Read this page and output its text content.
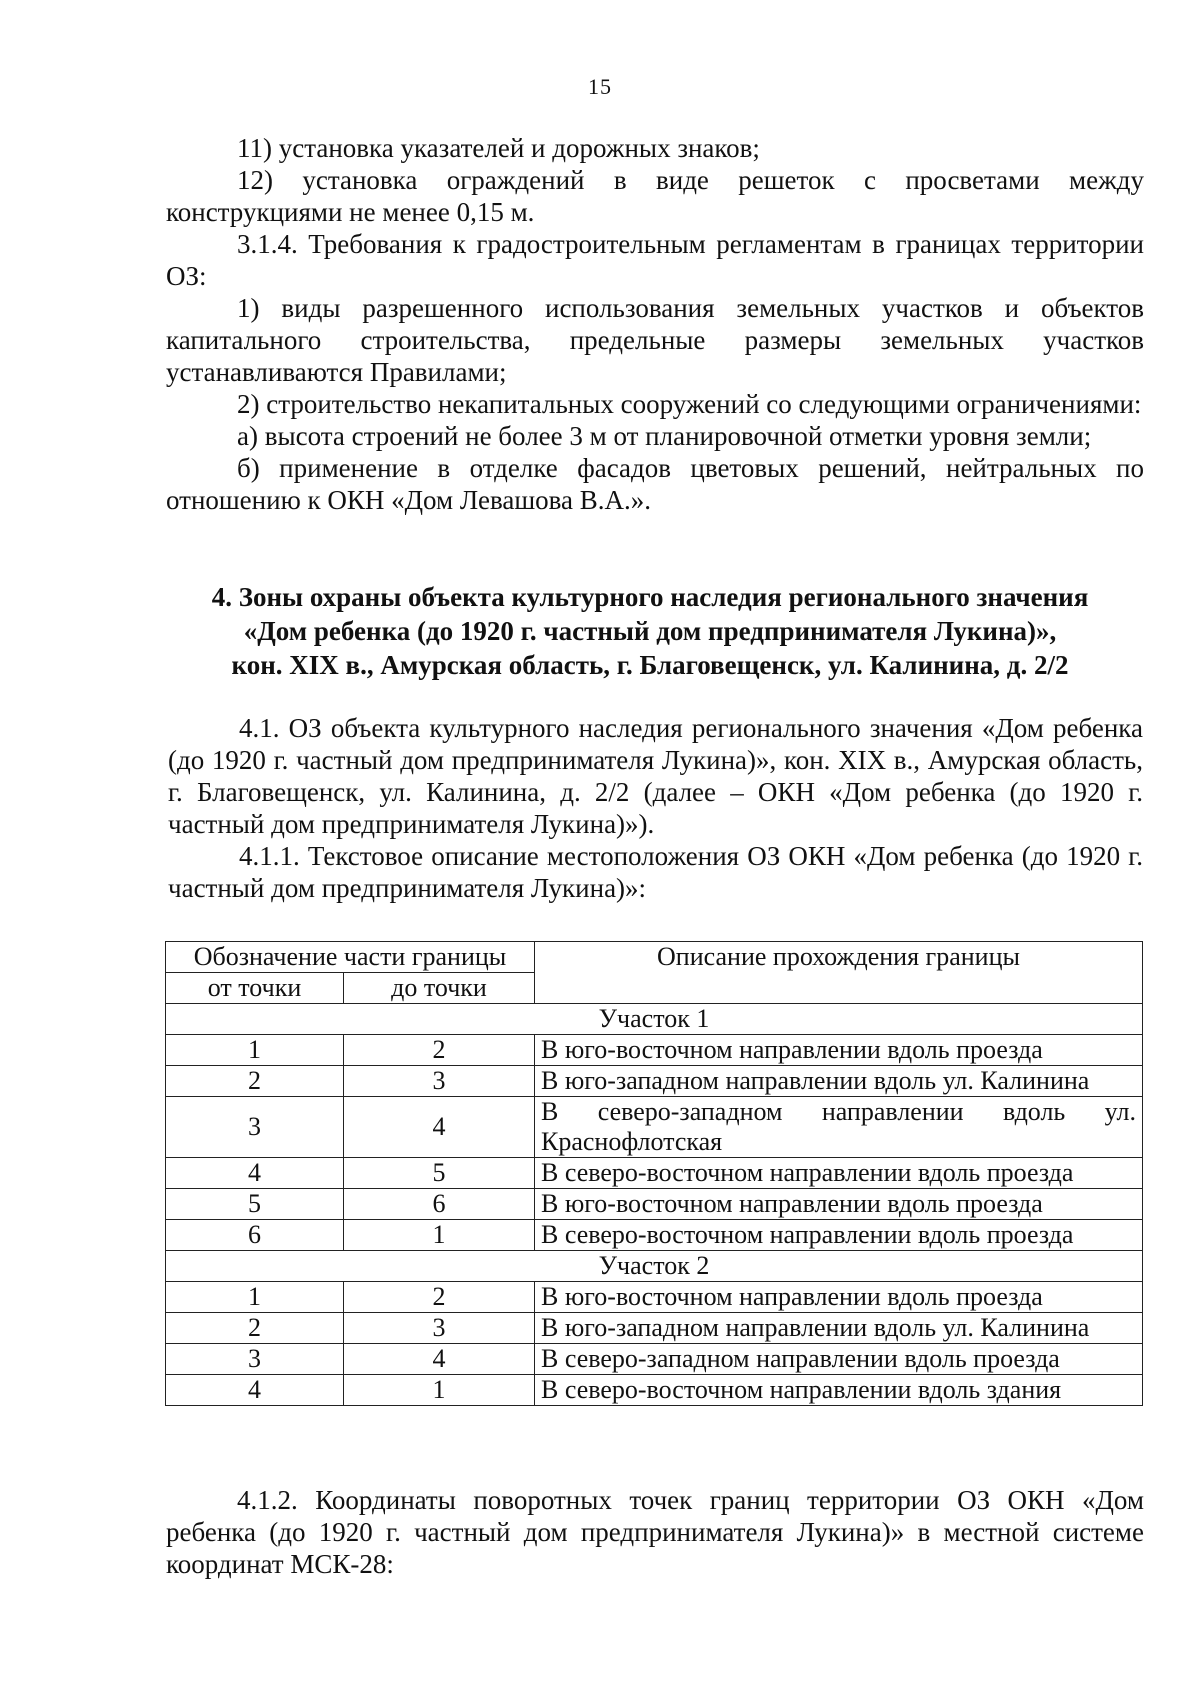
15

11) установка указателей и дорожных знаков;

12) установка ограждений в виде решеток с просветами между конструкциями не менее 0,15 м.

3.1.4. Требования к градостроительным регламентам в границах территории ОЗ:

1) виды разрешенного использования земельных участков и объектов капитального строительства, предельные размеры земельных участков устанавливаются Правилами;

2) строительство некапитальных сооружений со следующими ограничениями:

а) высота строений не более 3 м от планировочной отметки уровня земли;

б) применение в отделке фасадов цветовых решений, нейтральных по отношению к ОКН «Дом Левашова В.А.».

4. Зоны охраны объекта культурного наследия регионального значения
«Дом ребенка (до 1920 г. частный дом предпринимателя Лукина)»,
кон. XIX в., Амурская область, г. Благовещенск, ул. Калинина, д. 2/2

4.1. ОЗ объекта культурного наследия регионального значения «Дом ребенка (до 1920 г. частный дом предпринимателя Лукина)», кон. XIX в., Амурская область, г. Благовещенск, ул. Калинина, д. 2/2 (далее – ОКН «Дом ребенка (до 1920 г. частный дом предпринимателя Лукина)»).

4.1.1. Текстовое описание местоположения ОЗ ОКН «Дом ребенка (до 1920 г. частный дом предпринимателя Лукина)»:

Обозначение части границы		Описание прохождения границы
от точки	до точки	
Участок 1		
1	2	В юго-восточном направлении вдоль проезда
2	3	В юго-западном направлении вдоль ул. Калинина
3	4	В северо-западном направлении вдоль ул. Краснофлотская
4	5	В северо-восточном направлении вдоль проезда
5	6	В юго-восточном направлении вдоль проезда
6	1	В северо-восточном направлении вдоль проезда
Участок 2		
1	2	В юго-восточном направлении вдоль проезда
2	3	В юго-западном направлении вдоль ул. Калинина
3	4	В северо-западном направлении вдоль проезда
4	1	В северо-восточном направлении вдоль здания

4.1.2. Координаты поворотных точек границ территории ОЗ ОКН «Дом ребенка (до 1920 г. частный дом предпринимателя Лукина)» в местной системе координат МСК-28:
